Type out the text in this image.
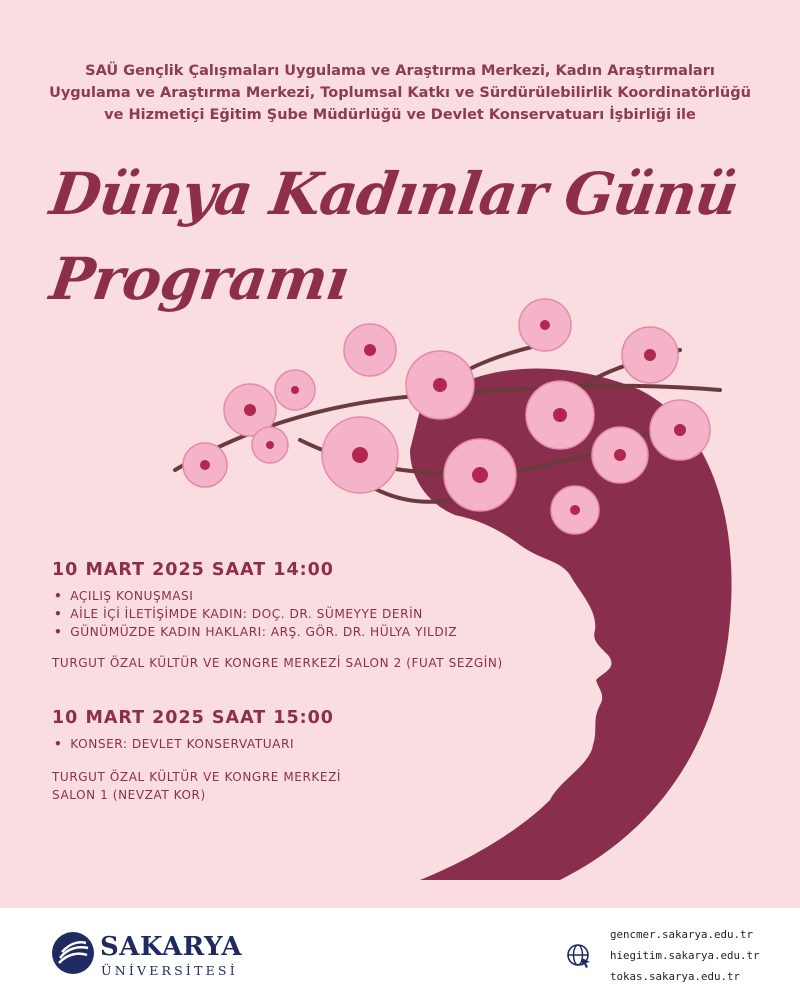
SAÜ Gençlik Çalışmaları Uygulama ve Araştırma Merkezi, Kadın Araştırmaları
Uygulama ve Araştırma Merkezi, Toplumsal Katkı ve Sürdürülebilirlik Koordinatörlüğü
ve Hizmetiçi Eğitim Şube Müdürlüğü ve Devlet Konservatuarı İşbirliği ile
Dünya Kadınlar Günü
Programı
10 MART 2025 SAAT 14:00
• AÇILIŞ KONUŞMASI
• AİLE İÇİ İLETİŞİMDE KADIN: DOÇ. DR. SÜMEYYE DERİN
• GÜNÜMÜZDE KADIN HAKLARI: ARŞ. GÖR. DR. HÜLYA YILDIZ
TURGUT ÖZAL KÜLTÜR VE KONGRE MERKEZİ SALON 2 (FUAT SEZGİN)
10 MART 2025 SAAT 15:00
• KONSER: DEVLET KONSERVATUARI
TURGUT ÖZAL KÜLTÜR VE KONGRE MERKEZİ
SALON 1 (NEVZAT KOR)
SAKARYA
ÜNİVERSİTESİ
gencmer.sakarya.edu.tr
hiegitim.sakarya.edu.tr
tokas.sakarya.edu.tr
